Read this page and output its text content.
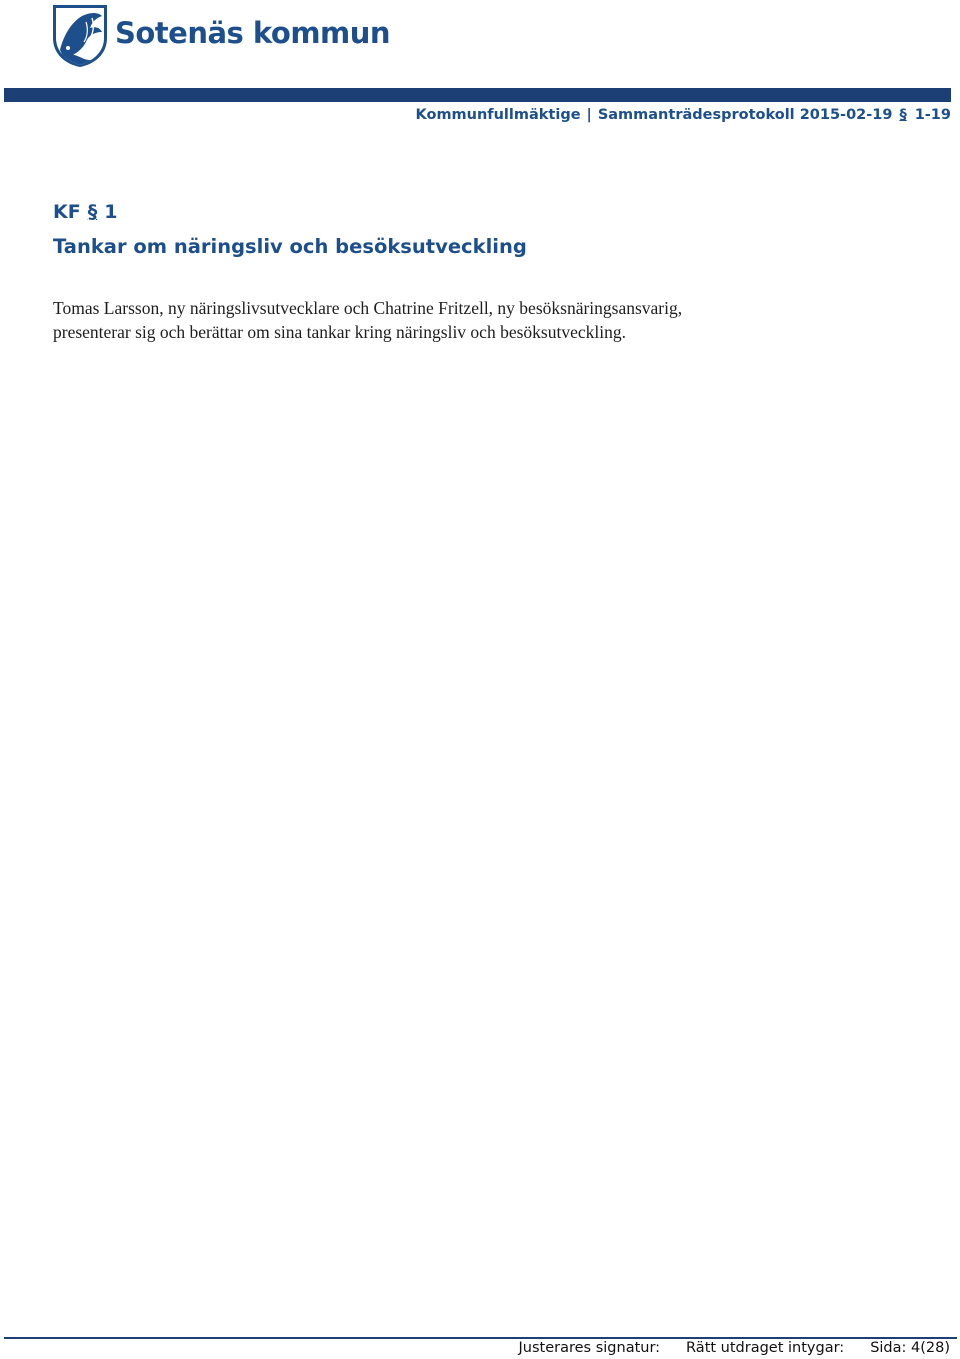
Sotenäs kommun
Kommunfullmäktige | Sammanträdesprotokoll 2015-02-19 § 1-19
KF § 1
Tankar om näringsliv och besöksutveckling

Tomas Larsson, ny näringslivsutvecklare och Chatrine Fritzell, ny besöksnäringsansvarig,

presenterar sig och berättar om sina tankar kring näringsliv och besöksutveckling.

Justerares signatur: Rätt utdraget intygar: Sida: 4(28)
